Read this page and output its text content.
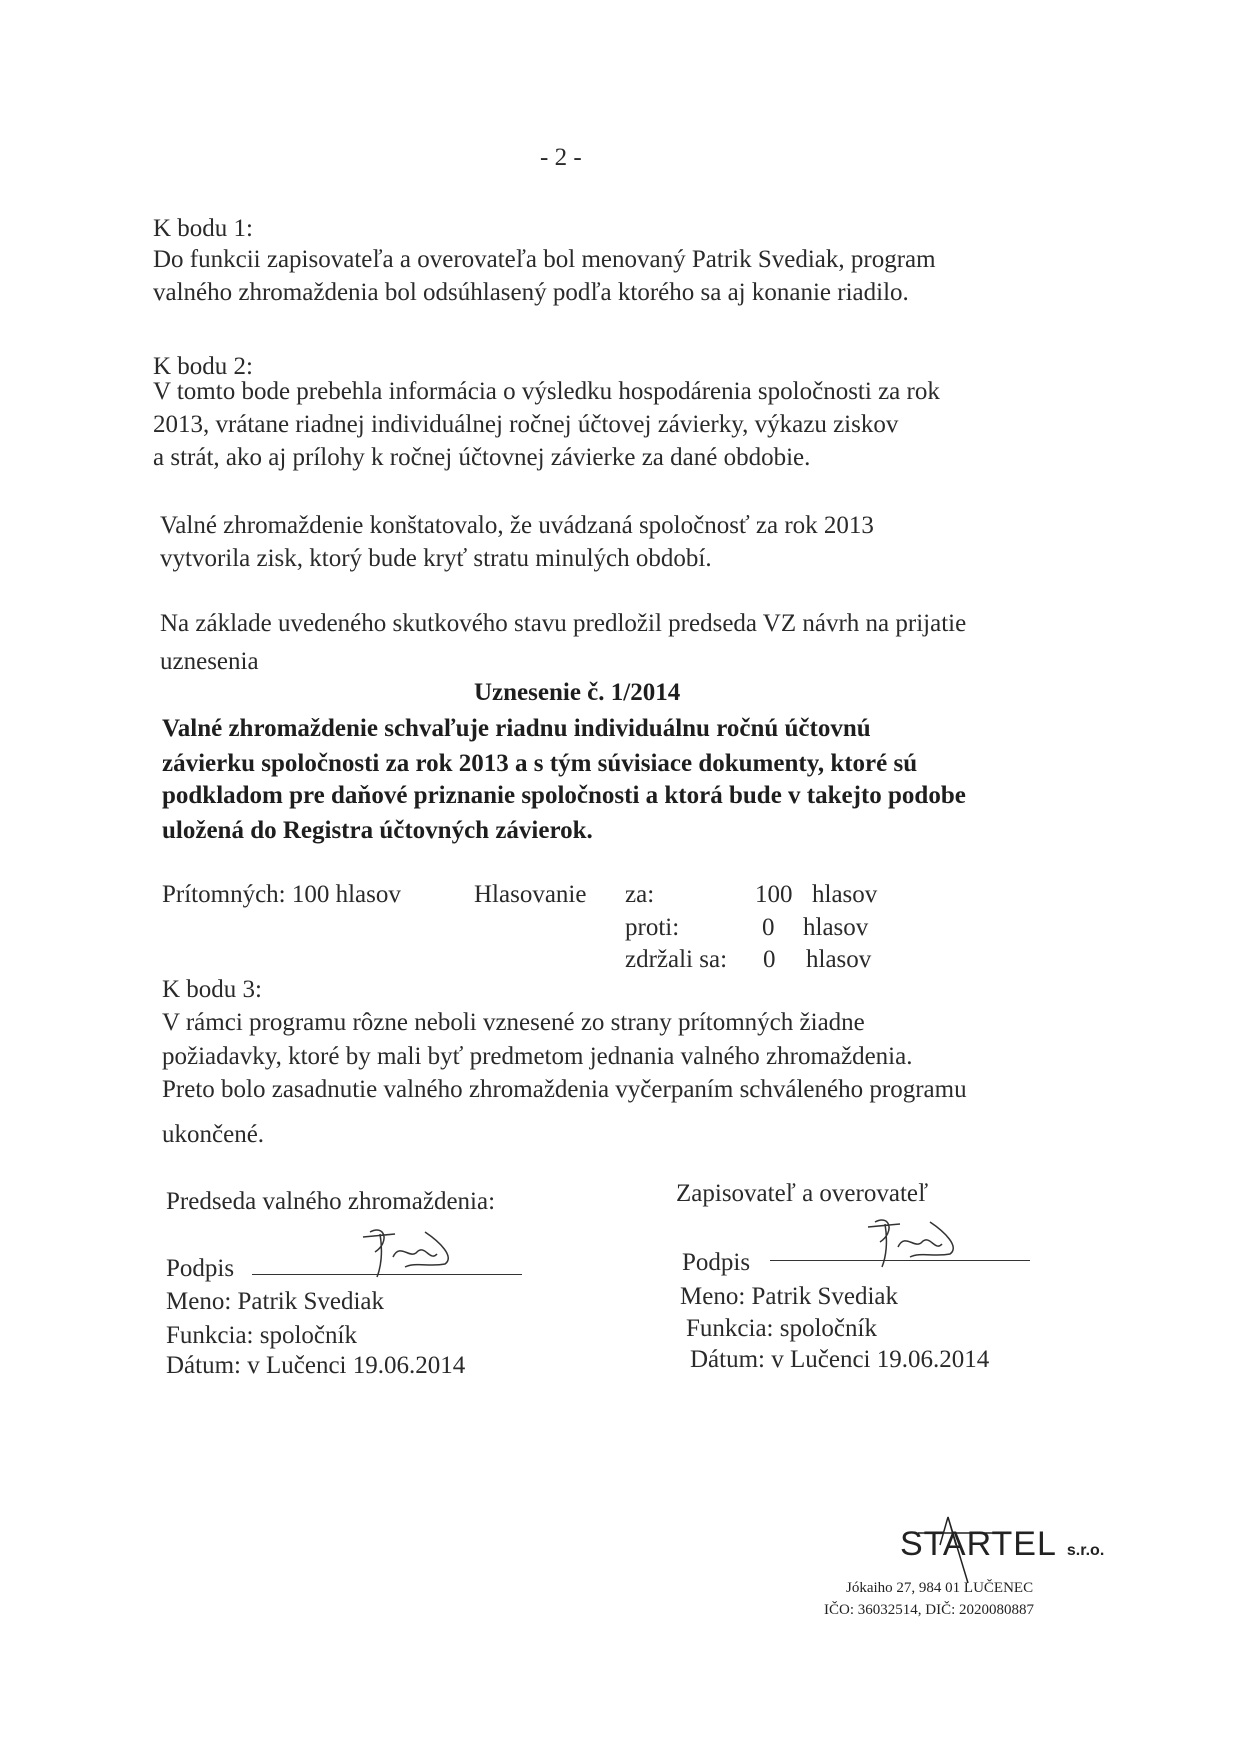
- 2 -
K bodu 1:
Do funkcii zapisovateľa a overovateľa bol menovaný Patrik Svediak, program
valného zhromaždenia bol odsúhlasený podľa ktorého sa aj konanie riadilo.
K bodu 2:
V tomto bode prebehla informácia o výsledku hospodárenia spoločnosti za rok
2013, vrátane riadnej individuálnej ročnej účtovej závierky, výkazu ziskov
a strát, ako aj prílohy k ročnej účtovnej závierke za dané obdobie.
Valné zhromaždenie konštatovalo, že uvádzaná spoločnosť za rok 2013
vytvorila zisk, ktorý bude kryť stratu minulých období.
Na základe uvedeného skutkového stavu predložil predseda VZ návrh na prijatie
uznesenia
Uznesenie č. 1/2014
Valné zhromaždenie schvaľuje riadnu individuálnu ročnú účtovnú
závierku spoločnosti za rok 2013 a s tým súvisiace dokumenty, ktoré sú
podkladom pre daňové priznanie spoločnosti a ktorá bude v takejto podobe
uložená do Registra účtovných závierok.
Prítomných: 100 hlasov	Hlasovanie za:	100 hlasov
proti:	0 hlasov
zdržali sa: 0 hlasov
K bodu 3:
V rámci programu rôzne neboli vznesené zo strany prítomných žiadne
požiadavky, ktoré by mali byť predmetom jednania valného zhromaždenia.
Preto bolo zasadnutie valného zhromaždenia vyčerpaním schváleného programu
ukončené.
Predseda valného zhromaždenia:
Podpis
Meno: Patrik Svediak
Funkcia: spoločník
Dátum: v Lučenci 19.06.2014
Zapisovateľ a overovateľ
Podpis
Meno: Patrik Svediak
Funkcia: spoločník
Dátum: v Lučenci 19.06.2014
STARTEL s.r.o.
Jókaiho 27, 984 01 LUČENEC
IČO: 36032514, DIČ: 2020080887
